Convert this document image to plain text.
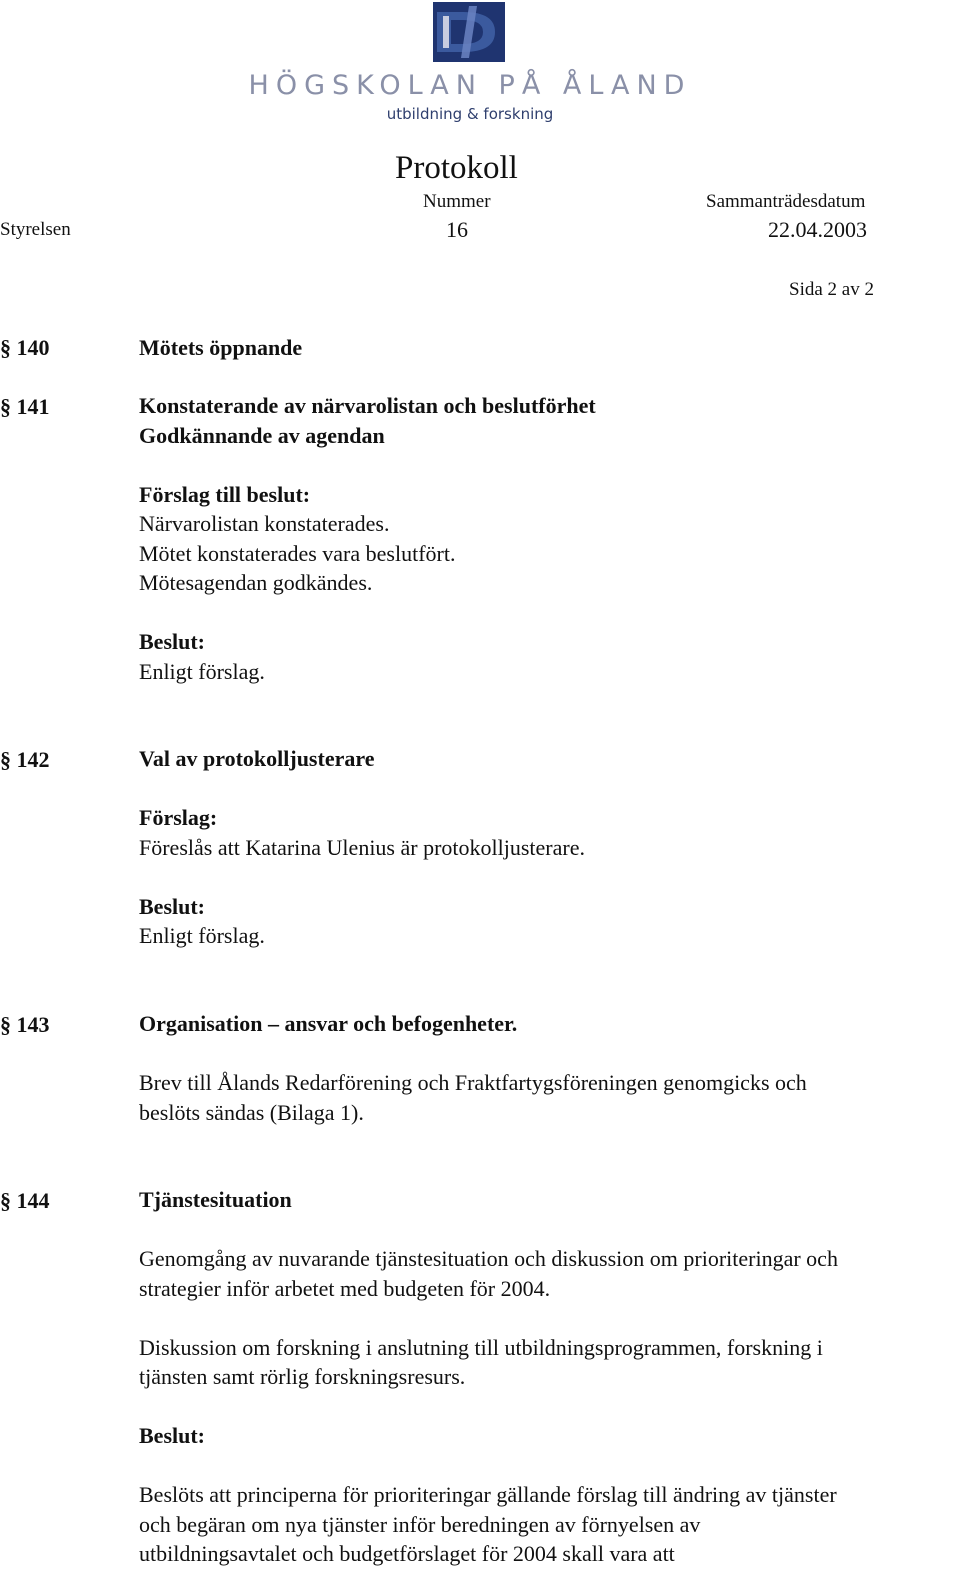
HÖGSKOLAN PÅ ÅLAND
utbildning & forskning
Protokoll
Nummer	Sammanträdesdatum
Styrelsen	16	22.04.2003
Sida 2 av 2
§ 140	Mötets öppnande
§ 141	Konstaterande av närvarolistan och beslutförhet
Godkännande av agendan
Förslag till beslut:
Närvarolistan konstaterades.
Mötet konstaterades vara beslutfört.
Mötesagendan godkändes.
Beslut:
Enligt förslag.
§ 142	Val av protokolljusterare
Förslag:
Föreslås att Katarina Ulenius är protokolljusterare.
Beslut:
Enligt förslag.
§ 143	Organisation – ansvar och befogenheter.
Brev till Ålands Redarförening och Fraktfartygsföreningen genomgicks och
beslöts sändas (Bilaga 1).
§ 144	Tjänstesituation
Genomgång av nuvarande tjänstesituation och diskussion om prioriteringar och
strategier inför arbetet med budgeten för 2004.
Diskussion om forskning i anslutning till utbildningsprogrammen, forskning i
tjänsten samt rörlig forskningsresurs.
Beslut:
Beslöts att principerna för prioriteringar gällande förslag till ändring av tjänster
och begäran om nya tjänster inför beredningen av förnyelsen av
utbildningsavtalet och budgetförslaget för 2004 skall vara att
